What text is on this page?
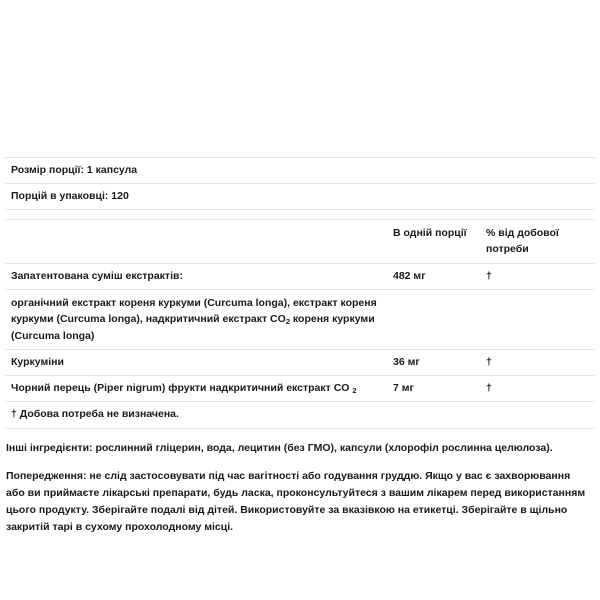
Розмір порції: 1 капсула		
Порцій в упаковці: 120		

	В одній порції	% від добової потреби
Запатентована суміш екстрактів:	482 мг	†
органічний екстракт кореня куркуми (Curcuma longa), екстракт кореня куркуми (Curcuma longa), надкритичний екстракт $CO_2$ кореня куркуми (Curcuma longa)		
Куркуміни	36 мг	†
Чорний перець (Piper nigrum) фрукти надкритичний екстракт CO $_2$	7 мг	†
† Добова потреба не визначена.		

Інші інгредієнти: рослинний гліцерин, вода, лецитин (без ГМО), капсули (хлорофіл рослинна целюлоза).

Попередження: не слід застосовувати під час вагітності або годування груддю. Якщо у вас є захворювання або ви приймаєте лікарські препарати, будь ласка, проконсультуйтеся з вашим лікарем перед використанням цього продукту. Зберігайте подалі від дітей. Використовуйте за вказівкою на етикетці. Зберігайте в щільно закритій тарі в сухому прохолодному місці.
